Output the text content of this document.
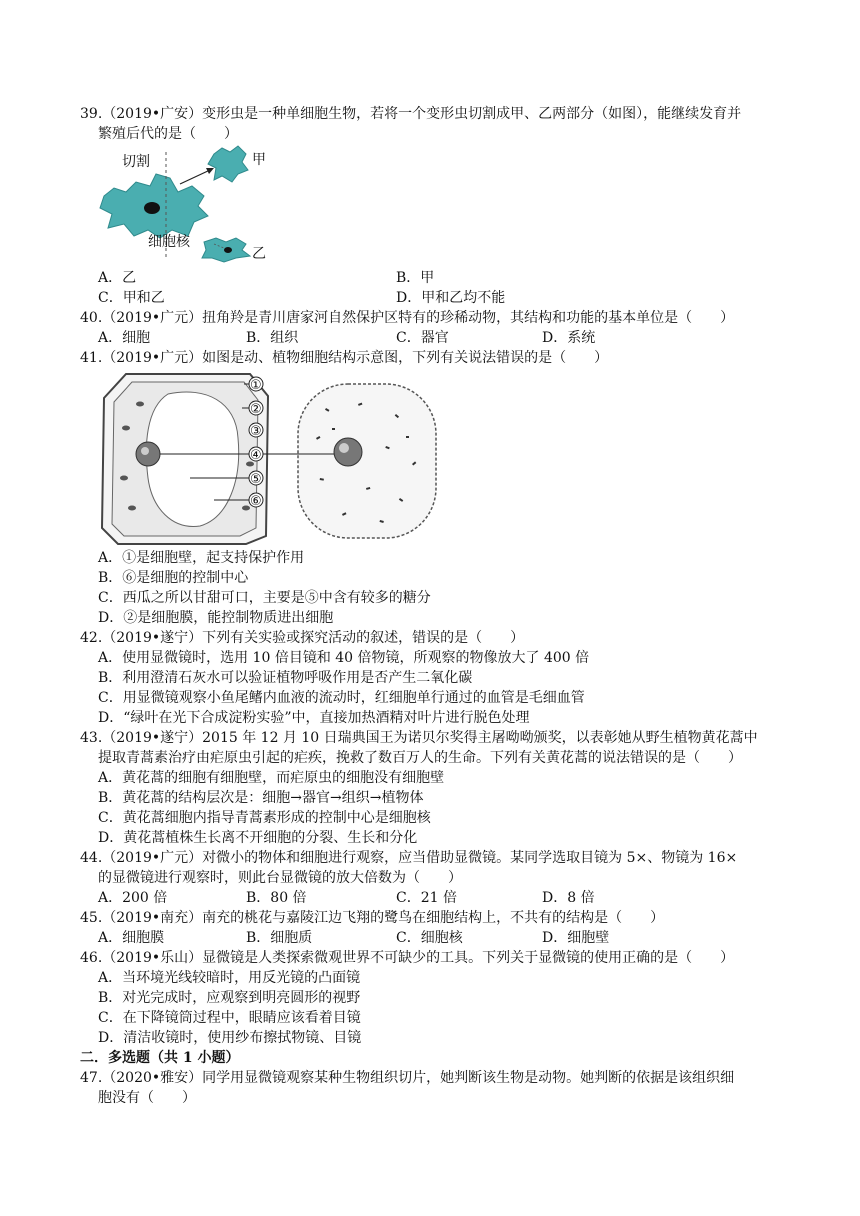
39.（2019•广安）变形虫是一种单细胞生物，若将一个变形虫切割成甲、乙两部分（如图），能继续发育并
繁殖后代的是（　　）
切割	甲
细胞核
乙
A．乙	B．甲
C．甲和乙	D．甲和乙均不能
40.（2019•广元）扭角羚是青川唐家河自然保护区特有的珍稀动物，其结构和功能的基本单位是（　　）
A．细胞	B．组织	C．器官	D．系统
41.（2019•广元）如图是动、植物细胞结构示意图，下列有关说法错误的是（　　）
①
②
③
④
⑤
⑥
A．①是细胞壁，起支持保护作用
B．⑥是细胞的控制中心
C．西瓜之所以甘甜可口，主要是⑤中含有较多的糖分
D．②是细胞膜，能控制物质进出细胞
42.（2019•遂宁）下列有关实验或探究活动的叙述，错误的是（　　）
A．使用显微镜时，选用 10 倍目镜和 40 倍物镜，所观察的物像放大了 400 倍
B．利用澄清石灰水可以验证植物呼吸作用是否产生二氧化碳
C．用显微镜观察小鱼尾鳍内血液的流动时，红细胞单行通过的血管是毛细血管
D．“绿叶在光下合成淀粉实验”中，直接加热酒精对叶片进行脱色处理
43.（2019•遂宁）2015 年 12 月 10 日瑞典国王为诺贝尔奖得主屠呦呦颁奖，以表彰她从野生植物黄花蒿中
提取青蒿素治疗由疟原虫引起的疟疾，挽救了数百万人的生命。下列有关黄花蒿的说法错误的是（　　）
A．黄花蒿的细胞有细胞壁，而疟原虫的细胞没有细胞壁
B．黄花蒿的结构层次是：细胞→器官→组织→植物体
C．黄花蒿细胞内指导青蒿素形成的控制中心是细胞核
D．黄花蒿植株生长离不开细胞的分裂、生长和分化
44.（2019•广元）对微小的物体和细胞进行观察，应当借助显微镜。某同学选取目镜为 5×、物镜为 16×
的显微镜进行观察时，则此台显微镜的放大倍数为（　　）
A．200 倍	B．80 倍	C．21 倍	D．8 倍
45.（2019•南充）南充的桃花与嘉陵江边飞翔的鹭鸟在细胞结构上，不共有的结构是（　　）
A．细胞膜	B．细胞质	C．细胞核	D．细胞壁
46.（2019•乐山）显微镜是人类探索微观世界不可缺少的工具。下列关于显微镜的使用正确的是（　　）
A．当环境光线较暗时，用反光镜的凸面镜
B．对光完成时，应观察到明亮圆形的视野
C．在下降镜筒过程中，眼睛应该看着目镜
D．清洁收镜时，使用纱布擦拭物镜、目镜
二．多选题（共 1 小题）
47.（2020•雅安）同学用显微镜观察某种生物组织切片，她判断该生物是动物。她判断的依据是该组织细
胞没有（　　）
